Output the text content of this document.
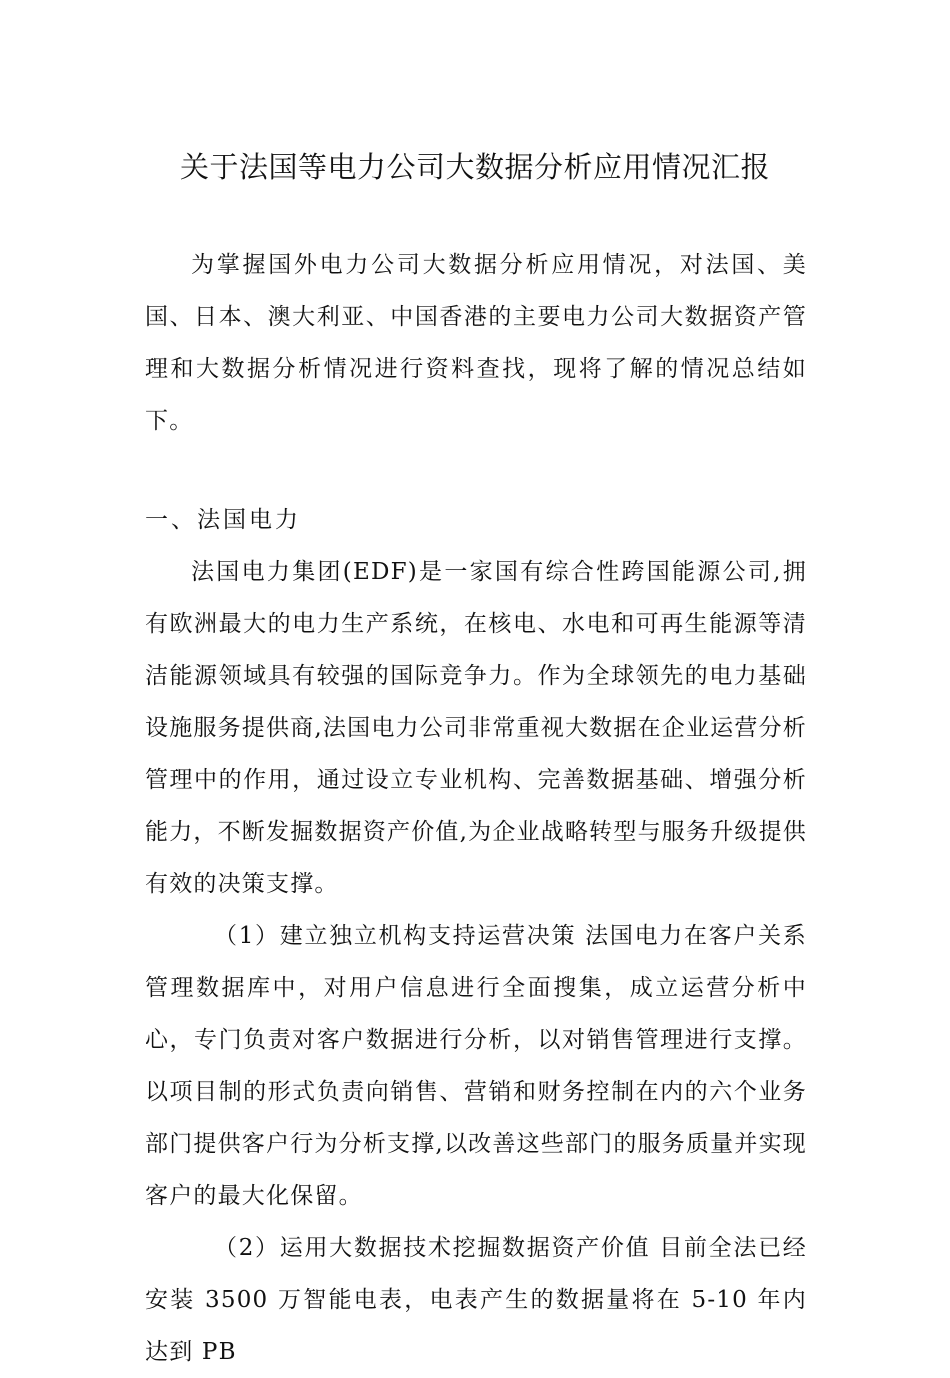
关于法国等电力公司大数据分析应用情况汇报

为掌握国外电力公司大数据分析应用情况，对法国、美国、日本、澳大利亚、中国香港的主要电力公司大数据资产管理和大数据分析情况进行资料查找，现将了解的情况总结如下。

一、法国电力

法国电力集团(EDF)是一家国有综合性跨国能源公司,拥有欧洲最大的电力生产系统，在核电、水电和可再生能源等清洁能源领域具有较强的国际竞争力。作为全球领先的电力基础设施服务提供商,法国电力公司非常重视大数据在企业运营分析管理中的作用，通过设立专业机构、完善数据基础、增强分析能力，不断发掘数据资产价值,为企业战略转型与服务升级提供有效的决策支撑。

（1）建立独立机构支持运营决策 法国电力在客户关系管理数据库中，对用户信息进行全面搜集，成立运营分析中心，专门负责对客户数据进行分析，以对销售管理进行支撑。以项目制的形式负责向销售、营销和财务控制在内的六个业务部门提供客户行为分析支撑,以改善这些部门的服务质量并实现客户的最大化保留。

（2）运用大数据技术挖掘数据资产价值 目前全法已经安装 3500 万智能电表，电表产生的数据量将在 5-10 年内达到 PB
